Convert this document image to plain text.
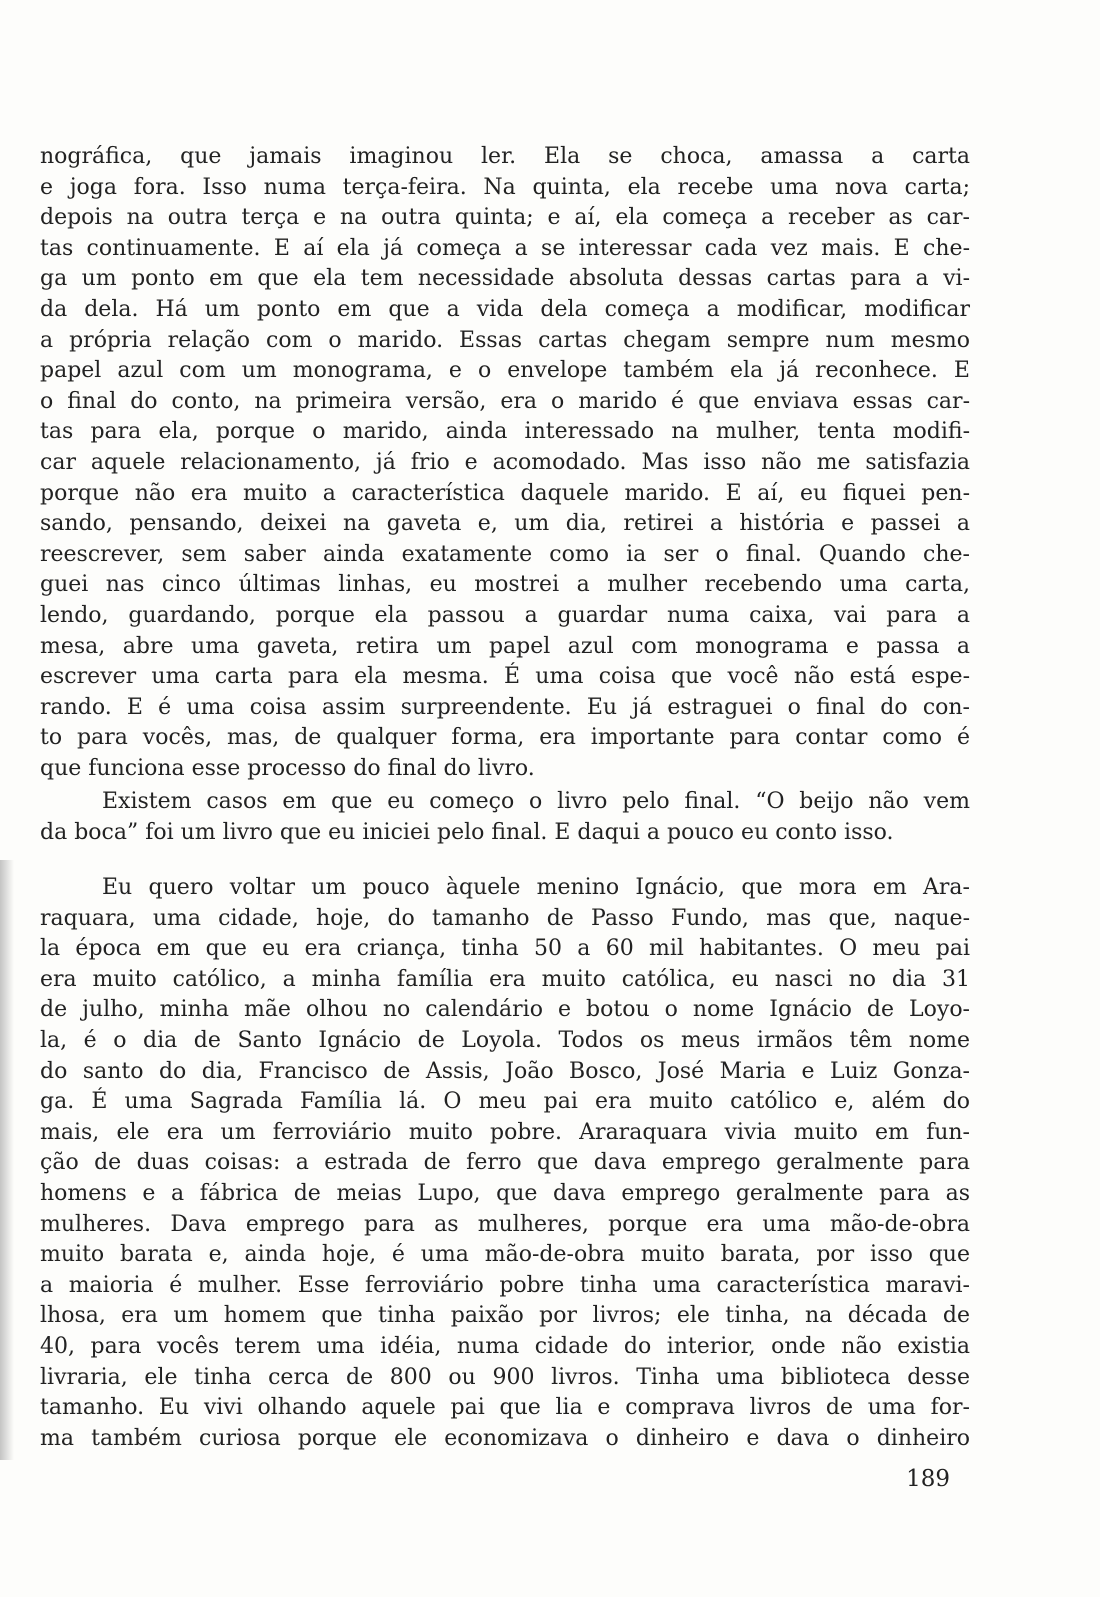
nográfica, que jamais imaginou ler. Ela se choca, amassa a carta
e joga fora. Isso numa terça-feira. Na quinta, ela recebe uma nova carta;
depois na outra terça e na outra quinta; e aí, ela começa a receber as car-
tas continuamente. E aí ela já começa a se interessar cada vez mais. E che-
ga um ponto em que ela tem necessidade absoluta dessas cartas para a vi-
da dela. Há um ponto em que a vida dela começa a modificar, modificar
a própria relação com o marido. Essas cartas chegam sempre num mesmo
papel azul com um monograma, e o envelope também ela já reconhece. E
o final do conto, na primeira versão, era o marido é que enviava essas car-
tas para ela, porque o marido, ainda interessado na mulher, tenta modifi-
car aquele relacionamento, já frio e acomodado. Mas isso não me satisfazia
porque não era muito a característica daquele marido. E aí, eu fiquei pen-
sando, pensando, deixei na gaveta e, um dia, retirei a história e passei a
reescrever, sem saber ainda exatamente como ia ser o final. Quando che-
guei nas cinco últimas linhas, eu mostrei a mulher recebendo uma carta,
lendo, guardando, porque ela passou a guardar numa caixa, vai para a
mesa, abre uma gaveta, retira um papel azul com monograma e passa a
escrever uma carta para ela mesma. É uma coisa que você não está espe-
rando. E é uma coisa assim surpreendente. Eu já estraguei o final do con-
to para vocês, mas, de qualquer forma, era importante para contar como é
que funciona esse processo do final do livro.
Existem casos em que eu começo o livro pelo final. “O beijo não vem
da boca” foi um livro que eu iniciei pelo final. E daqui a pouco eu conto isso.
Eu quero voltar um pouco àquele menino Ignácio, que mora em Ara-
raquara, uma cidade, hoje, do tamanho de Passo Fundo, mas que, naque-
la época em que eu era criança, tinha 50 a 60 mil habitantes. O meu pai
era muito católico, a minha família era muito católica, eu nasci no dia 31
de julho, minha mãe olhou no calendário e botou o nome Ignácio de Loyo-
la, é o dia de Santo Ignácio de Loyola. Todos os meus irmãos têm nome
do santo do dia, Francisco de Assis, João Bosco, José Maria e Luiz Gonza-
ga. É uma Sagrada Família lá. O meu pai era muito católico e, além do
mais, ele era um ferroviário muito pobre. Araraquara vivia muito em fun-
ção de duas coisas: a estrada de ferro que dava emprego geralmente para
homens e a fábrica de meias Lupo, que dava emprego geralmente para as
mulheres. Dava emprego para as mulheres, porque era uma mão-de-obra
muito barata e, ainda hoje, é uma mão-de-obra muito barata, por isso que
a maioria é mulher. Esse ferroviário pobre tinha uma característica maravi-
lhosa, era um homem que tinha paixão por livros; ele tinha, na década de
40, para vocês terem uma idéia, numa cidade do interior, onde não existia
livraria, ele tinha cerca de 800 ou 900 livros. Tinha uma biblioteca desse
tamanho. Eu vivi olhando aquele pai que lia e comprava livros de uma for-
ma também curiosa porque ele economizava o dinheiro e dava o dinheiro
189
